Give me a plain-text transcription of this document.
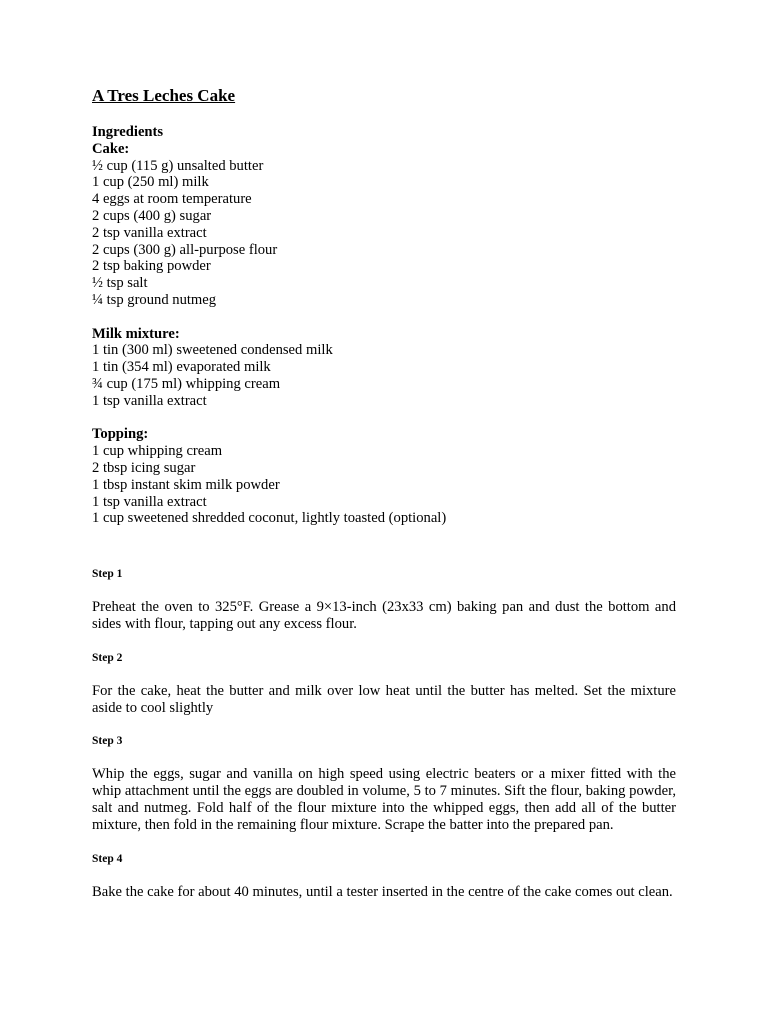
A Tres Leches Cake

Ingredients

Cake:

½ cup (115 g) unsalted butter

1 cup (250 ml) milk

4 eggs at room temperature

2 cups (400 g) sugar

2 tsp vanilla extract

2 cups (300 g) all-purpose flour

2 tsp baking powder

½ tsp salt

¼ tsp ground nutmeg

Milk mixture:

1 tin (300 ml) sweetened condensed milk

1 tin (354 ml) evaporated milk

¾ cup (175 ml) whipping cream

1 tsp vanilla extract

Topping:

1 cup whipping cream

2 tbsp icing sugar

1 tbsp instant skim milk powder

1 tsp vanilla extract

1 cup sweetened shredded coconut, lightly toasted (optional)

Step 1

Preheat the oven to 325°F. Grease a 9×13-inch (23x33 cm) baking pan and dust the bottom and sides with flour, tapping out any excess flour.

Step 2

For the cake, heat the butter and milk over low heat until the butter has melted. Set the mixture aside to cool slightly

Step 3

Whip the eggs, sugar and vanilla on high speed using electric beaters or a mixer fitted with the whip attachment until the eggs are doubled in volume, 5 to 7 minutes. Sift the flour, baking powder, salt and nutmeg. Fold half of the flour mixture into the whipped eggs, then add all of the butter mixture, then fold in the remaining flour mixture. Scrape the batter into the prepared pan.

Step 4

Bake the cake for about 40 minutes, until a tester inserted in the centre of the cake comes out clean.
